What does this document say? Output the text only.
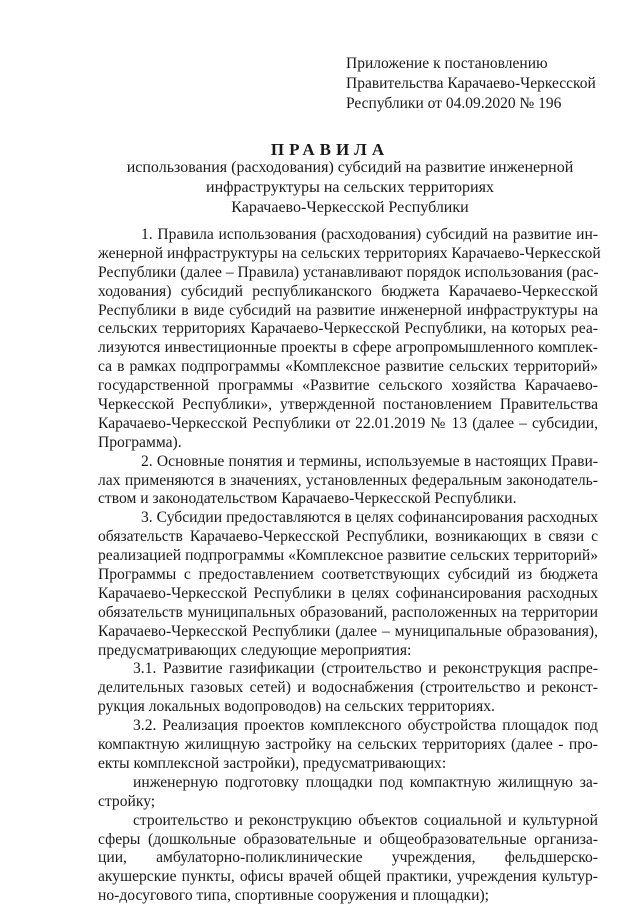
Приложение к постановлению
Правительства Карачаево-Черкесской
Республики от 04.09.2020 № 196
ПРАВИЛА
использования (расходования) субсидий на развитие инженерной
инфраструктуры на сельских территориях
Карачаево-Черкесской Республики
1. Правила использования (расходования) субсидий на развитие ин-
женерной инфраструктуры на сельских территориях Карачаево-Черкесской
Республики (далее – Правила) устанавливают порядок использования (рас-
ходования) субсидий республиканского бюджета Карачаево-Черкесской
Республики в виде субсидий на развитие инженерной инфраструктуры на
сельских территориях Карачаево-Черкесской Республики, на которых реа-
лизуются инвестиционные проекты в сфере агропромышленного комплек-
са в рамках подпрограммы «Комплексное развитие сельских территорий»
государственной программы «Развитие сельского хозяйства Карачаево-
Черкесской Республики», утвержденной постановлением Правительства
Карачаево-Черкесской Республики от 22.01.2019 № 13 (далее – субсидии,
Программа).
2. Основные понятия и термины, используемые в настоящих Прави-
лах применяются в значениях, установленных федеральным законодатель-
ством и законодательством Карачаево-Черкесской Республики.
3. Субсидии предоставляются в целях софинансирования расходных
обязательств Карачаево-Черкесской Республики, возникающих в связи с
реализацией подпрограммы «Комплексное развитие сельских территорий»
Программы с предоставлением соответствующих субсидий из бюджета
Карачаево-Черкесской Республики в целях софинансирования расходных
обязательств муниципальных образований, расположенных на территории
Карачаево-Черкесской Республики (далее – муниципальные образования),
предусматривающих следующие мероприятия:
3.1. Развитие газификации (строительство и реконструкция распре-
делительных газовых сетей) и водоснабжения (строительство и реконст-
рукция локальных водопроводов) на сельских территориях.
3.2. Реализация проектов комплексного обустройства площадок под
компактную жилищную застройку на сельских территориях (далее - про-
екты комплексной застройки), предусматривающих:
инженерную подготовку площадки под компактную жилищную за-
стройку;
строительство и реконструкцию объектов социальной и культурной
сферы (дошкольные образовательные и общеобразовательные организа-
ции, амбулаторно-поликлинические учреждения, фельдшерско-
акушерские пункты, офисы врачей общей практики, учреждения культур-
но-досугового типа, спортивные сооружения и площадки);
